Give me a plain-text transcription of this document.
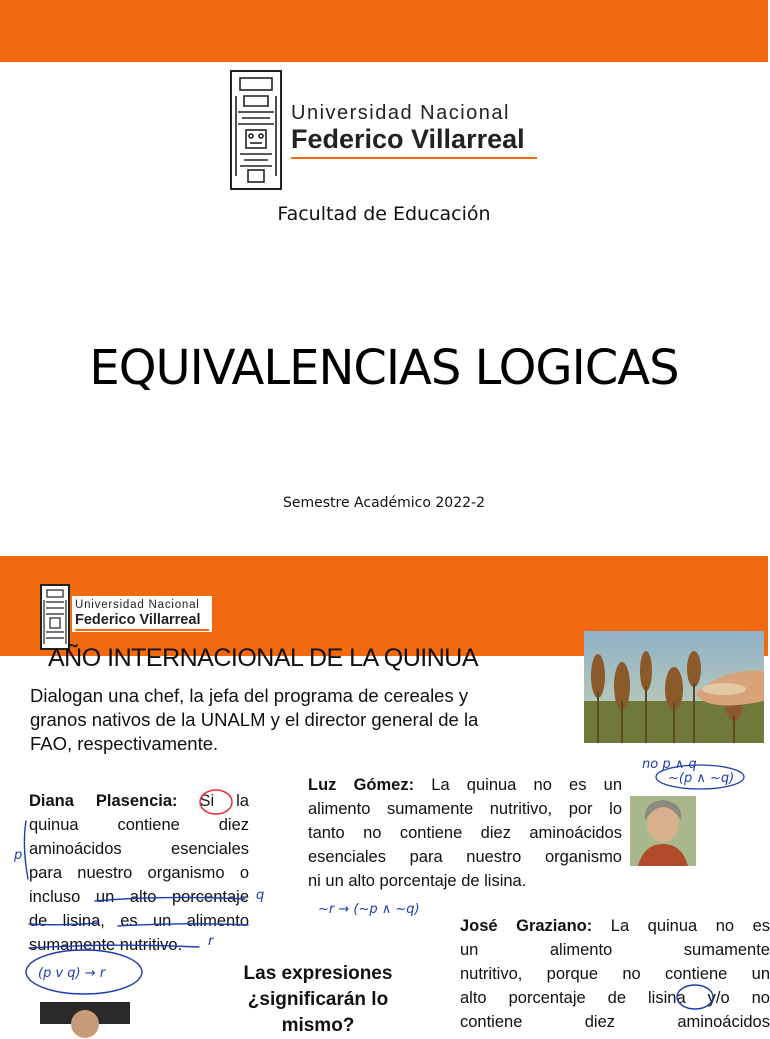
Universidad Nacional
Federico Villarreal
Facultad de Educación
EQUIVALENCIAS LOGICAS
Semestre Académico 2022-2
Universidad Nacional
Federico Villarreal
AÑO INTERNACIONAL DE LA QUINUA
Dialogan una chef, la jefa del programa de cereales y
granos nativos de la UNALM y el director general de la
FAO, respectivamente.
Diana Plasencia: Si la
quinua contiene diez
aminoácidos esenciales
para nuestro organismo o
incluso un alto porcentaje
de lisina, es un alimento
sumamente nutritivo.
Luz Gómez: La quinua no es un
alimento sumamente nutritivo, por lo
tanto no contiene diez aminoácidos
esenciales para nuestro organismo
ni un alto porcentaje de lisina.
José Graziano: La quinua no es
un alimento sumamente
nutritivo, porque no contiene un
alto porcentaje de lisina y/o no
contiene diez aminoácidos
Las expresiones
¿significarán lo
mismo?
p
q
r
(p v q) → r
~r → (~p ∧ ~q)
no p ∧ q
~(p ∧ ~q)
